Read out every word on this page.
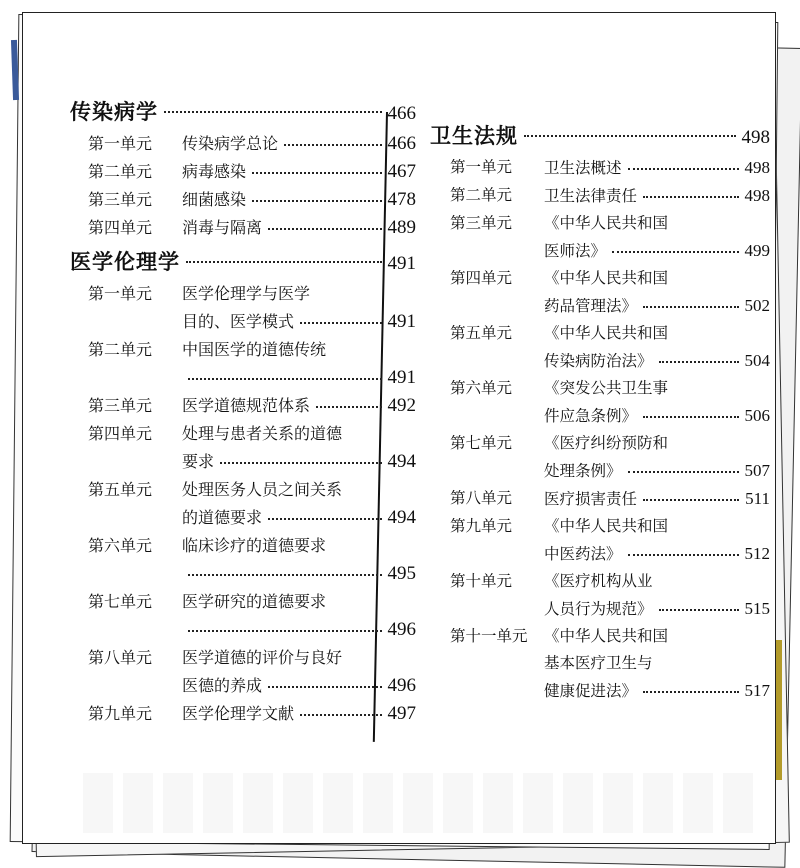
传染病学	466
第一单元	传染病学总论	466
第二单元	病毒感染	467
第三单元	细菌感染	478
第四单元	消毒与隔离	489
医学伦理学	491
第一单元	医学伦理学与医学
目的、医学模式	491
第二单元	中国医学的道德传统
491
第三单元	医学道德规范体系	492
第四单元	处理与患者关系的道德
要求	494
第五单元	处理医务人员之间关系
的道德要求	494
第六单元	临床诊疗的道德要求
495
第七单元	医学研究的道德要求
496
第八单元	医学道德的评价与良好
医德的养成	496
第九单元	医学伦理学文献	497
卫生法规	498
第一单元	卫生法概述	498
第二单元	卫生法律责任	498
第三单元	《中华人民共和国
医师法》	499
第四单元	《中华人民共和国
药品管理法》	502
第五单元	《中华人民共和国
传染病防治法》	504
第六单元	《突发公共卫生事
件应急条例》	506
第七单元	《医疗纠纷预防和
处理条例》	507
第八单元	医疗损害责任	511
第九单元	《中华人民共和国
中医药法》	512
第十单元	《医疗机构从业
人员行为规范》	515
第十一单元	《中华人民共和国
基本医疗卫生与
健康促进法》	517
